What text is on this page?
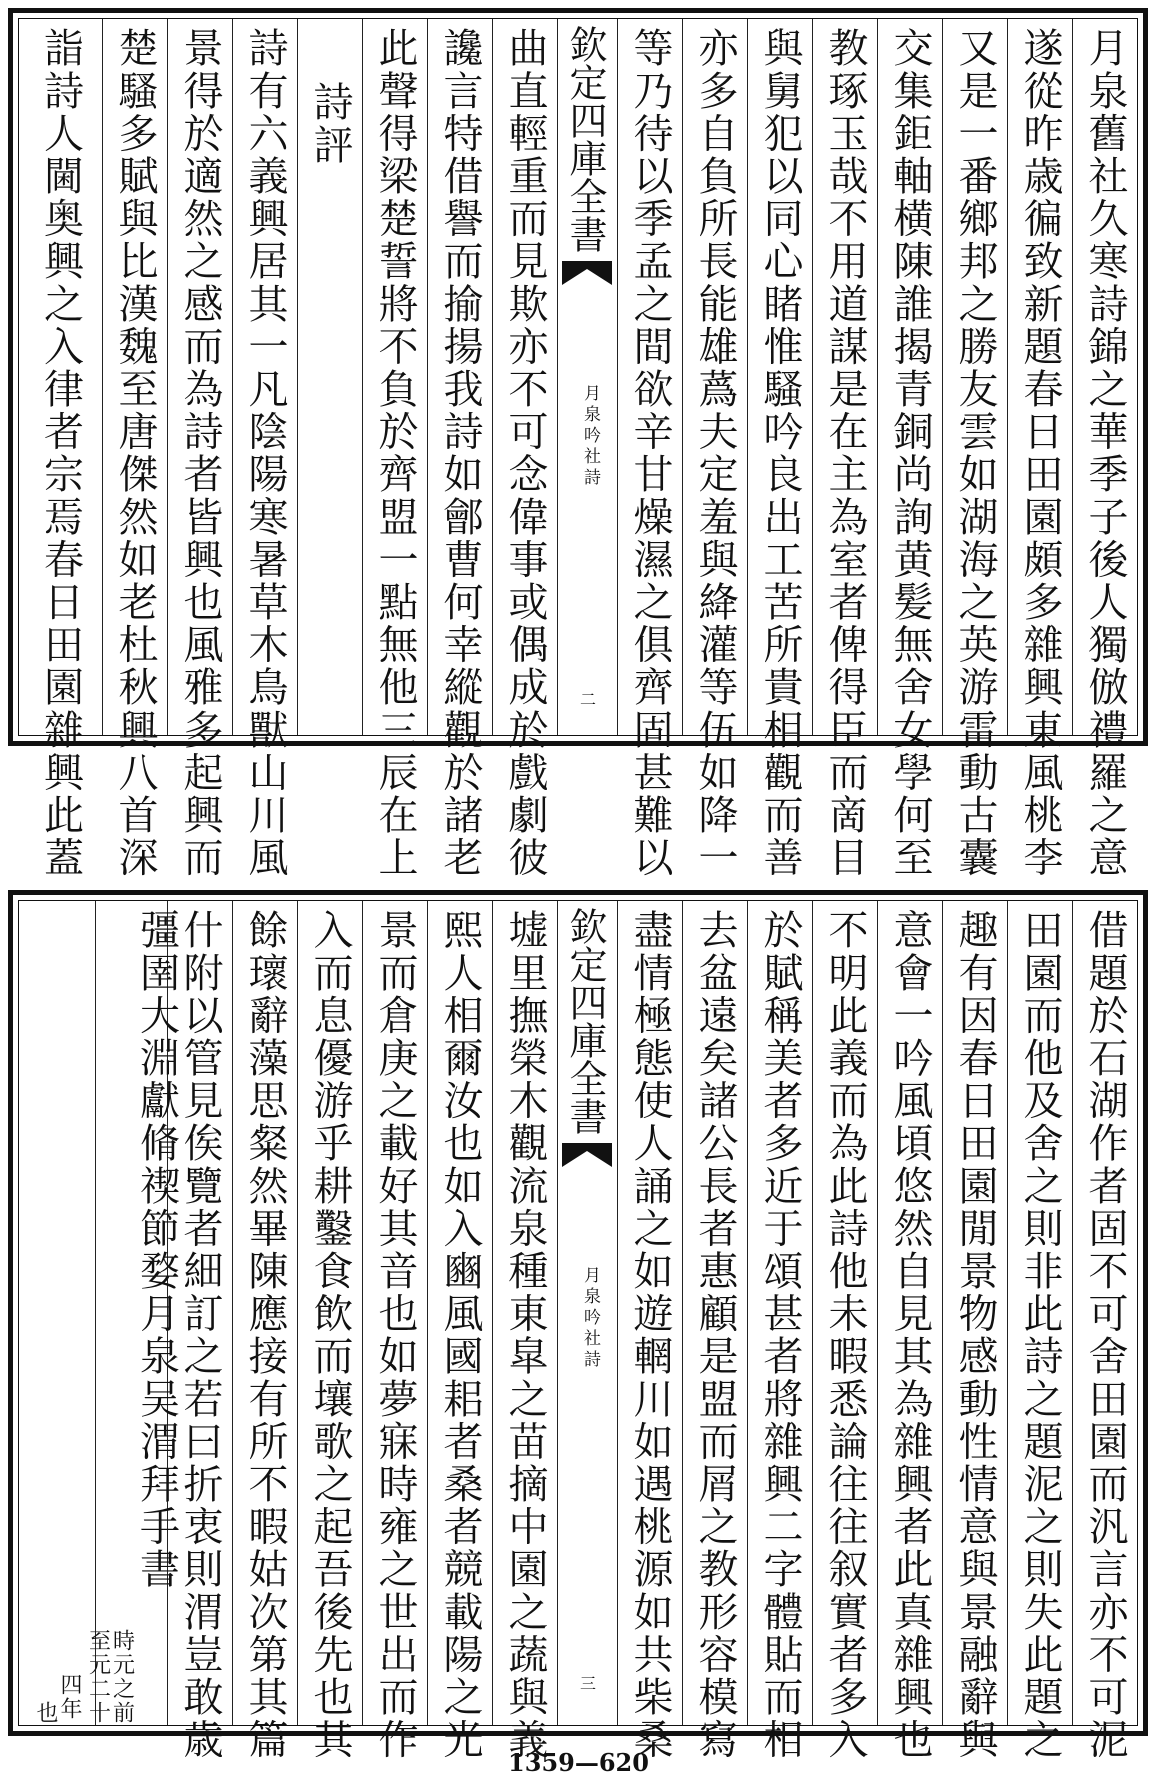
月泉舊社久寒詩錦之華季子後人獨倣禮羅之意
遂從昨歳徧致新題春日田園頗多雜興東風桃李
又是一番鄉邦之勝友雲如湖海之英游雷動古囊
交集鉅軸横陳誰揭青銅尚詢黄髪無舍女學何至
教琢玉哉不用道謀是在主為室者俾得臣而啇目
與舅犯以同心睹惟騷吟良出工苦所貴相觀而善
亦多自負所長能雄蔿夫定羞與絳灌等伍如降一
等乃待以季孟之間欲辛甘燥濕之俱齊固甚難以
欽定四庫全書
月泉吟社詩
二
曲直輕重而見欺亦不可念偉事或偶成於戲劇彼
讒言特借譽而揄揚我詩如鄶曹何幸縱觀於諸老
此聲得梁楚誓將不負於齊盟一點無他三辰在上
詩評
詩有六義興居其一凡陰陽寒暑草木鳥獸山川風
景得於適然之感而為詩者皆興也風雅多起興而
楚騷多賦與比漢魏至唐傑然如老杜秋興八首深
詣詩人閫奥興之入律者宗焉春日田園雜興此蓋
借題於石湖作者固不可舍田園而汎言亦不可泥
田園而他及舍之則非此詩之題泥之則失此題之
趣有因春日田園閒景物感動性情意與景融辭與
意會一吟風頃悠然自見其為雜興者此真雜興也
不明此義而為此詩他未暇悉論往往叙實者多入
於賦稱美者多近于頌甚者將雜興二字體貼而相
去盆遠矣諸公長者惠顧是盟而屑之教形容模寫
盡情極態使人誦之如遊輞川如遇桃源如共柴桑
欽定四庫全書
月泉吟社詩
三
墟里撫榮木觀流泉種東皐之苗摘中園之蔬與義
熙人相爾汝也如入豳風國耜者桑者競載陽之光
景而倉庚之載好其音也如夢寐時雍之世出而作
入而息優游乎耕鑿食飲而壤歌之起吾後先也其
餘瓌辭藻思粲然畢陳應接有所不暇姑次第其篇
什附以管見俟覽者細訂之若曰折衷則渭豈敢歳
彊圉大淵獻脩禊節婺月泉吴渭拜手書
時元之前
至元二十
四年
也
1359—620
